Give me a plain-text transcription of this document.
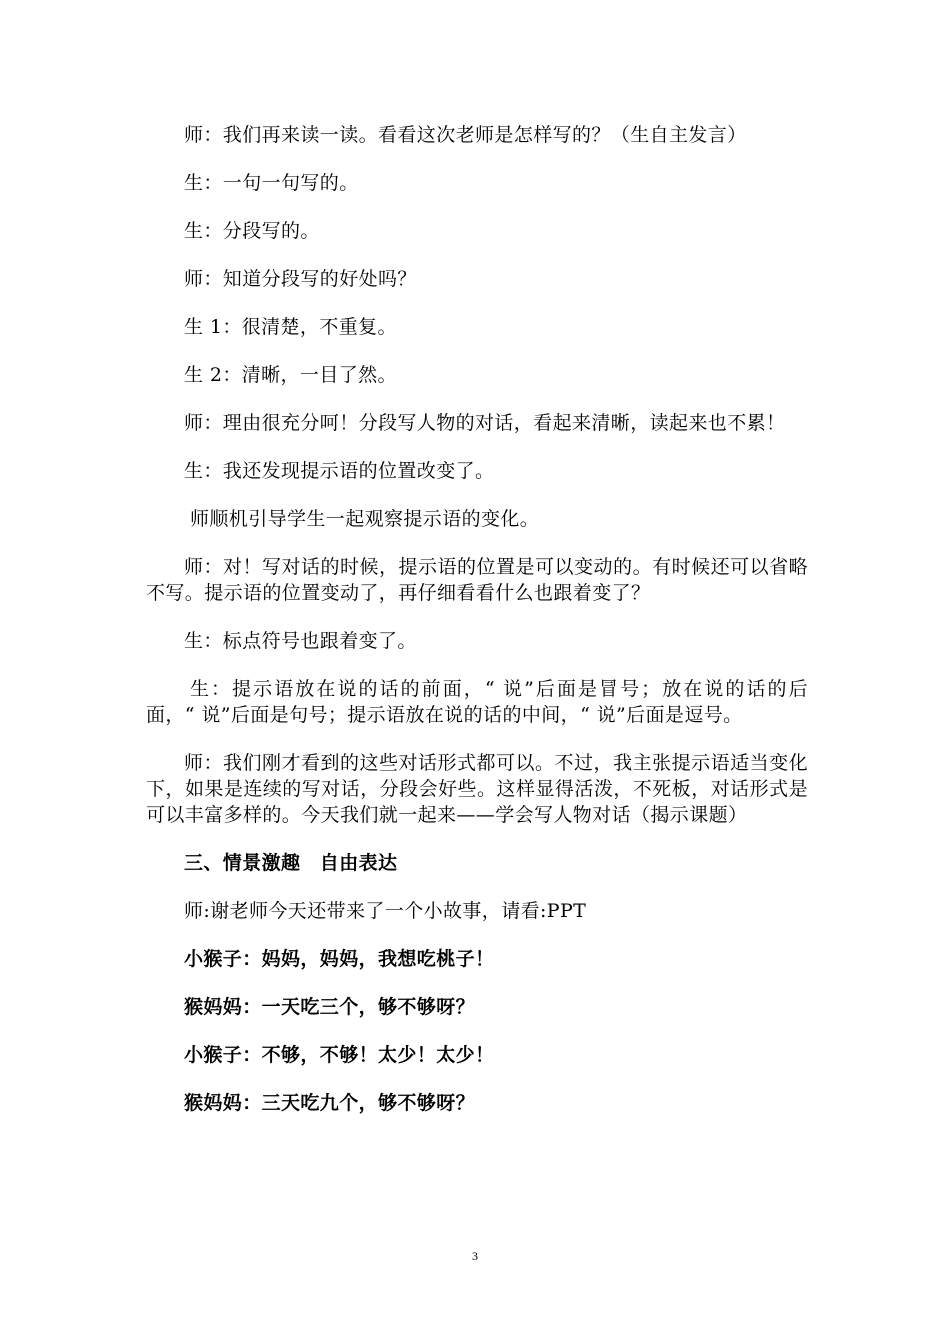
师：我们再来读一读。看看这次老师是怎样写的？（生自主发言）

生：一句一句写的。

生：分段写的。

师：知道分段写的好处吗？

生 1：很清楚，不重复。

生 2：清晰，一目了然。

师：理由很充分呵！分段写人物的对话，看起来清晰，读起来也不累！

生：我还发现提示语的位置改变了。

师顺机引导学生一起观察提示语的变化。

师：对！写对话的时候，提示语的位置是可以变动的。有时候还可以省略不写。提示语的位置变动了，再仔细看看什么也跟着变了？

生：标点符号也跟着变了。

生：提示语放在说的话的前面，“ 说”后面是冒号；放在说的话的后面，“ 说”后面是句号；提示语放在说的话的中间，“ 说”后面是逗号。

师：我们刚才看到的这些对话形式都可以。不过，我主张提示语适当变化下，如果是连续的写对话，分段会好些。这样显得活泼，不死板，对话形式是可以丰富多样的。今天我们就一起来——学会写人物对话（揭示课题）

三、情景激趣　自由表达

师:谢老师今天还带来了一个小故事，请看:PPT

小猴子：妈妈，妈妈，我想吃桃子！

猴妈妈：一天吃三个，够不够呀？

小猴子：不够，不够！太少！太少！

猴妈妈：三天吃九个，够不够呀？

3
